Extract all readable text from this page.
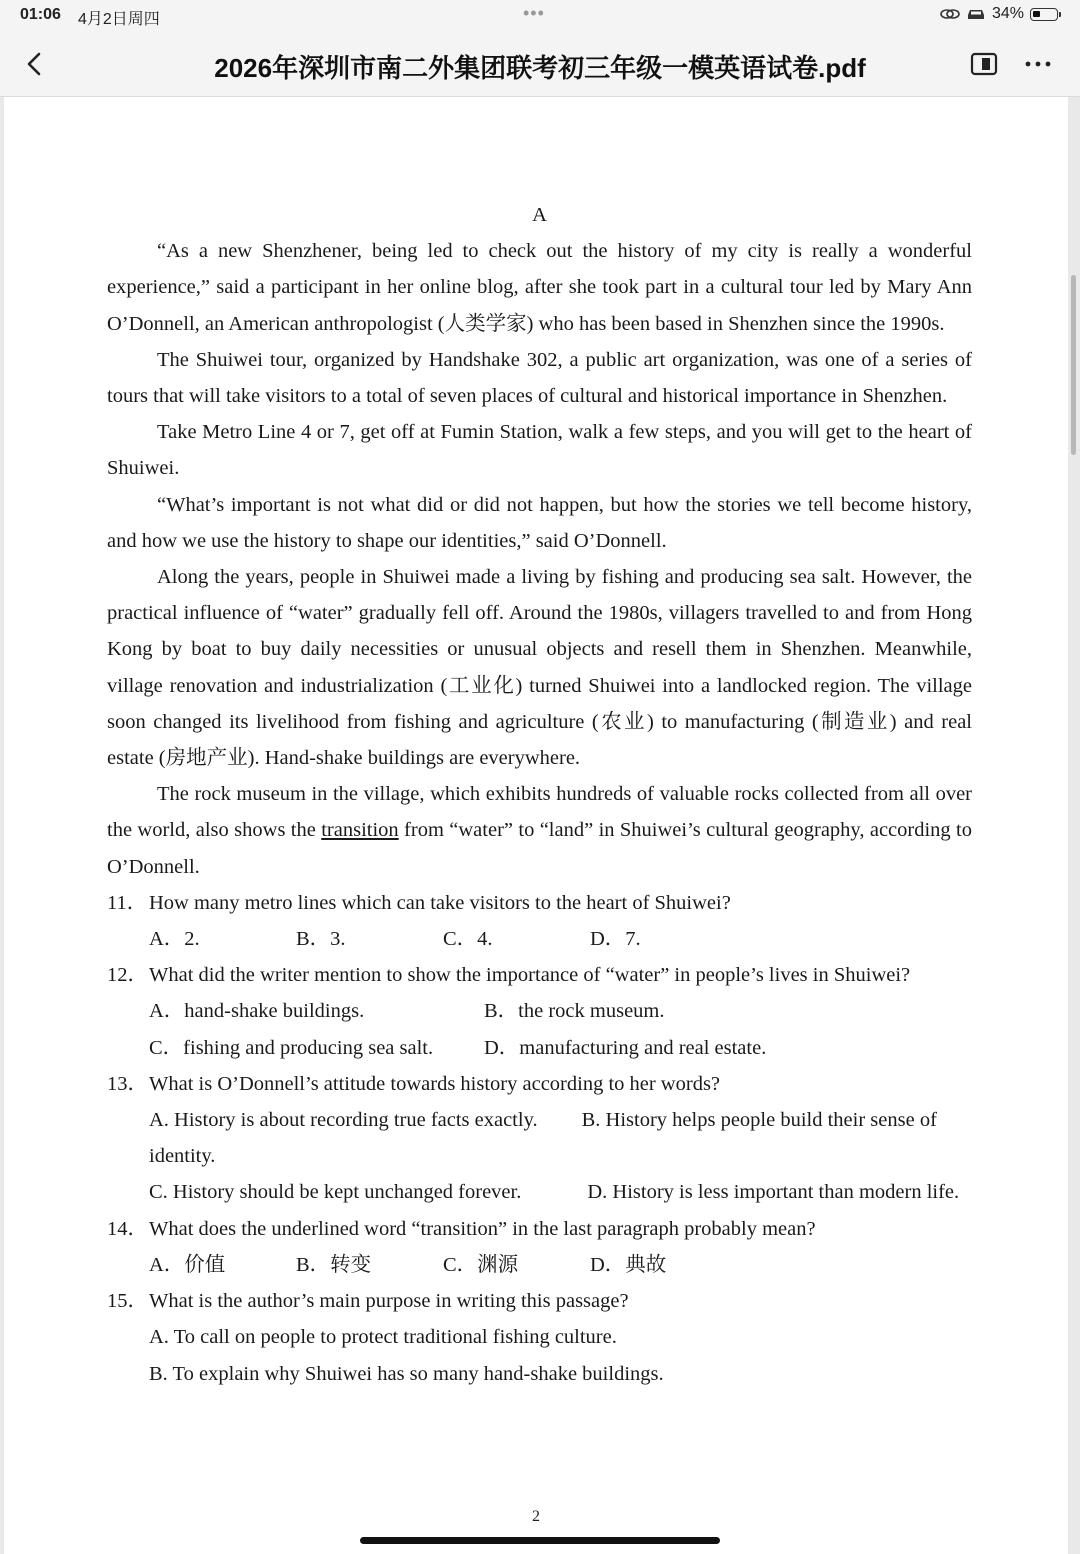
01:06 4月2日周四	•••	34%
2026年深圳市南二外集团联考初三年级一模英语试卷.pdf
A

“As a new Shenzhener, being led to check out the history of my city is really a wonderful experience,” said a participant in her online blog, after she took part in a cultural tour led by Mary Ann O’Donnell, an American anthropologist (人类学家) who has been based in Shenzhen since the 1990s.

The Shuiwei tour, organized by Handshake 302, a public art organization, was one of a series of tours that will take visitors to a total of seven places of cultural and historical importance in Shenzhen.

Take Metro Line 4 or 7, get off at Fumin Station, walk a few steps, and you will get to the heart of Shuiwei.

“What’s important is not what did or did not happen, but how the stories we tell become history, and how we use the history to shape our identities,” said O’Donnell.

Along the years, people in Shuiwei made a living by fishing and producing sea salt. However, the practical influence of “water” gradually fell off. Around the 1980s, villagers travelled to and from Hong Kong by boat to buy daily necessities or unusual objects and resell them in Shenzhen. Meanwhile, village renovation and industrialization (工业化) turned Shuiwei into a landlocked region. The village soon changed its livelihood from fishing and agriculture (农业) to manufacturing (制造业) and real estate (房地产业). Hand-shake buildings are everywhere.

The rock museum in the village, which exhibits hundreds of valuable rocks collected from all over the world, also shows the transition from “water” to “land” in Shuiwei’s cultural geography, according to O’Donnell.

11．How many metro lines which can take visitors to the heart of Shuiwei?
A．2.	B．3.	C．4.	D．7.
12．What did the writer mention to show the importance of “water” in people’s lives in Shuiwei?
A．hand-shake buildings.	B．the rock museum.
C．fishing and producing sea salt.	D．manufacturing and real estate.
13．What is O’Donnell’s attitude towards history according to her words?
A. History is about recording true facts exactly. B. History helps people build their sense of identity.
C. History should be kept unchanged forever.	D. History is less important than modern life.
14．What does the underlined word “transition” in the last paragraph probably mean?
A．价值	B．转变	C．渊源	D．典故
15．What is the author’s main purpose in writing this passage?
A. To call on people to protect traditional fishing culture.
B. To explain why Shuiwei has so many hand-shake buildings.
2
